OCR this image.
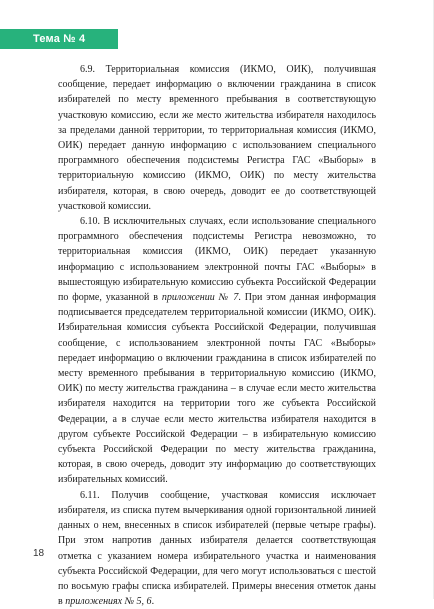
Тема № 4

6.9. Территориальная комиссия (ИКМО, ОИК), получившая сообщение, передает информацию о включении гражданина в список избирателей по месту временного пребывания в соответствующую участковую комиссию, если же место жительства избирателя находилось за пределами данной территории, то территориальная комиссия (ИКМО, ОИК) передает данную информацию с использованием специального программного обеспечения подсистемы Регистра ГАС «Выборы» в территориальную комиссию (ИКМО, ОИК) по месту жительства избирателя, которая, в свою очередь, доводит ее до соответствующей участковой комиссии.

6.10. В исключительных случаях, если использование специального программного обеспечения подсистемы Регистра невозможно, то территориальная комиссия (ИКМО, ОИК) передает указанную информацию с использованием электронной почты ГАС «Выборы» в вышестоящую избирательную комиссию субъекта Российской Федерации по форме, указанной в приложении № 7. При этом данная информация подписывается председателем территориальной комиссии (ИКМО, ОИК). Избирательная комиссия субъекта Российской Федерации, получившая сообщение, с использованием электронной почты ГАС «Выборы» передает информацию о включении гражданина в список избирателей по месту временного пребывания в территориальную комиссию (ИКМО, ОИК) по месту жительства гражданина – в случае если место жительства избирателя находится на территории того же субъекта Российской Федерации, а в случае если место жительства избирателя находится в другом субъекте Российской Федерации – в избирательную комиссию субъекта Российской Федерации по месту жительства гражданина, которая, в свою очередь, доводит эту информацию до соответствующих избирательных комиссий.

6.11. Получив сообщение, участковая комиссия исключает избирателя, из списка путем вычеркивания одной горизонтальной линией данных о нем, внесенных в список избирателей (первые четыре графы). При этом напротив данных избирателя делается соответствующая отметка с указанием номера избирательного участка и наименования субъекта Российской Федерации, для чего могут использоваться с шестой по восьмую графы списка избирателей. Примеры внесения отметок даны в приложениях № 5, 6.

18
